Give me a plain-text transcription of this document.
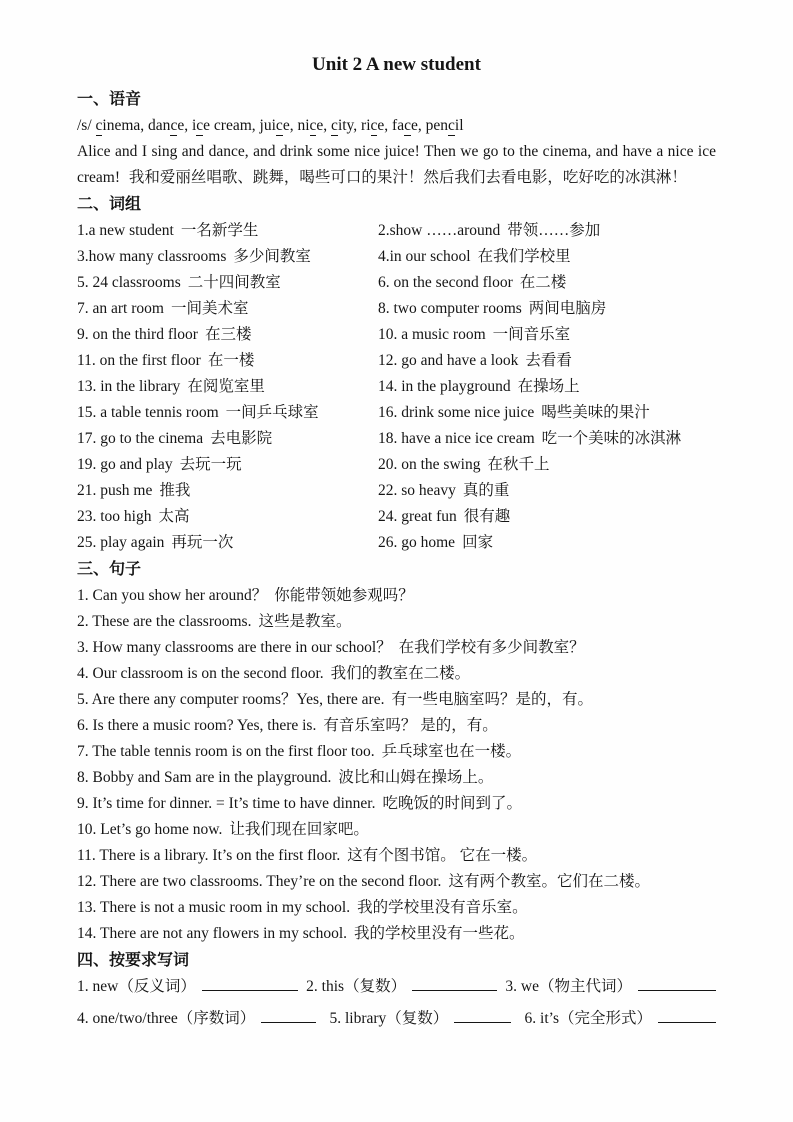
Unit 2 A new student
一、语音
/s/ cinema, dance, ice cream, juice, nice, city, rice, face, pencil

Alice and I sing and dance, and drink some nice juice! Then we go to the cinema, and have a nice ice cream! 我和爱丽丝唱歌、跳舞，喝些可口的果汁！然后我们去看电影，吃好吃的冰淇淋！

二、词组
1.a new student 一名新学生	2.show ……around 带领……参加
3.how many classrooms 多少间教室	4.in our school 在我们学校里
5. 24 classrooms 二十四间教室	6. on the second floor 在二楼
7. an art room 一间美术室	8. two computer rooms 两间电脑房
9. on the third floor 在三楼	10. a music room 一间音乐室
11. on the first floor 在一楼	12. go and have a look 去看看
13. in the library 在阅览室里	14. in the playground 在操场上
15. a table tennis room 一间乒乓球室	16. drink some nice juice 喝些美味的果汁
17. go to the cinema 去电影院	18. have a nice ice cream 吃一个美味的冰淇淋
19. go and play 去玩一玩	20. on the swing 在秋千上
21. push me 推我	22. so heavy 真的重
23. too high 太高	24. great fun 很有趣
25. play again 再玩一次	26. go home 回家
三、句子
1. Can you show her around？ 你能带领她参观吗？
2. These are the classrooms. 这些是教室。
3. How many classrooms are there in our school？ 在我们学校有多少间教室？
4. Our classroom is on the second floor. 我们的教室在二楼。
5. Are there any computer rooms？Yes, there are. 有一些电脑室吗？是的，有。
6. Is there a music room? Yes, there is. 有音乐室吗？ 是的，有。
7. The table tennis room is on the first floor too. 乒乓球室也在一楼。
8. Bobby and Sam are in the playground. 波比和山姆在操场上。
9. It’s time for dinner. = It’s time to have dinner. 吃晚饭的时间到了。
10. Let’s go home now. 让我们现在回家吧。
11. There is a library. It’s on the first floor. 这有个图书馆。 它在一楼。
12. There are two classrooms. They’re on the second floor. 这有两个教室。它们在二楼。
13. There is not a music room in my school. 我的学校里没有音乐室。
14. There are not any flowers in my school. 我的学校里没有一些花。
四、按要求写词
1. new（反义词）	2. this（复数）	3. we（物主代词）
4. one/two/three（序数词）	5. library（复数）	6. it’s（完全形式）
